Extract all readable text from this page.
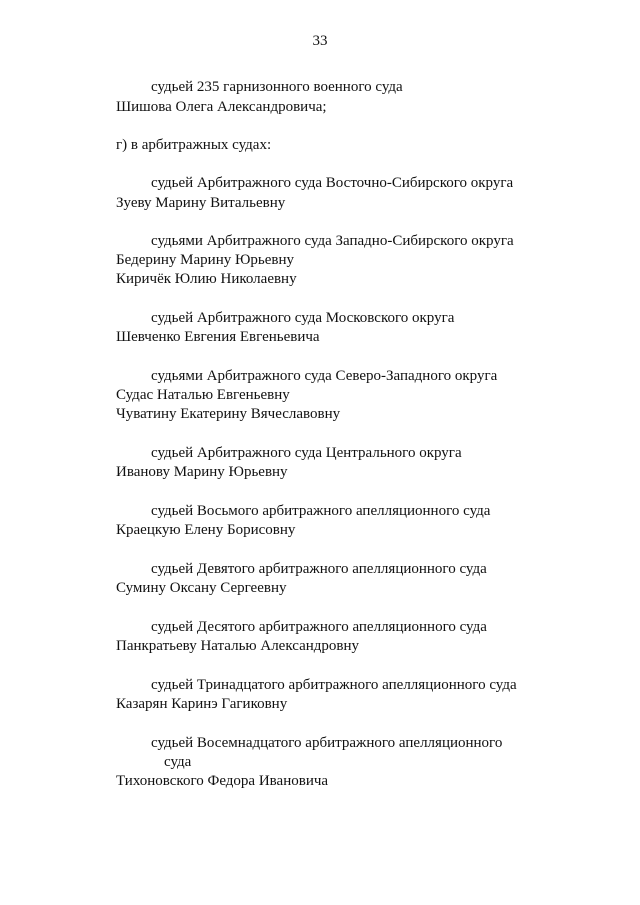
33
судьей 235 гарнизонного военного суда
Шишова Олега Александровича;
г) в арбитражных судах:
судьей Арбитражного суда Восточно-Сибирского округа
Зуеву Марину Витальевну
судьями Арбитражного суда Западно-Сибирского округа
Бедерину Марину Юрьевну
Киричёк Юлию Николаевну
судьей Арбитражного суда Московского округа
Шевченко Евгения Евгеньевича
судьями Арбитражного суда Северо-Западного округа
Судас Наталью Евгеньевну
Чуватину Екатерину Вячеславовну
судьей Арбитражного суда Центрального округа
Иванову Марину Юрьевну
судьей Восьмого арбитражного апелляционного суда
Краецкую Елену Борисовну
судьей Девятого арбитражного апелляционного суда
Сумину Оксану Сергеевну
судьей Десятого арбитражного апелляционного суда
Панкратьеву Наталью Александровну
судьей Тринадцатого арбитражного апелляционного суда
Казарян Каринэ Гагиковну
судьей Восемнадцатого арбитражного апелляционного
суда
Тихоновского Федора Ивановича
